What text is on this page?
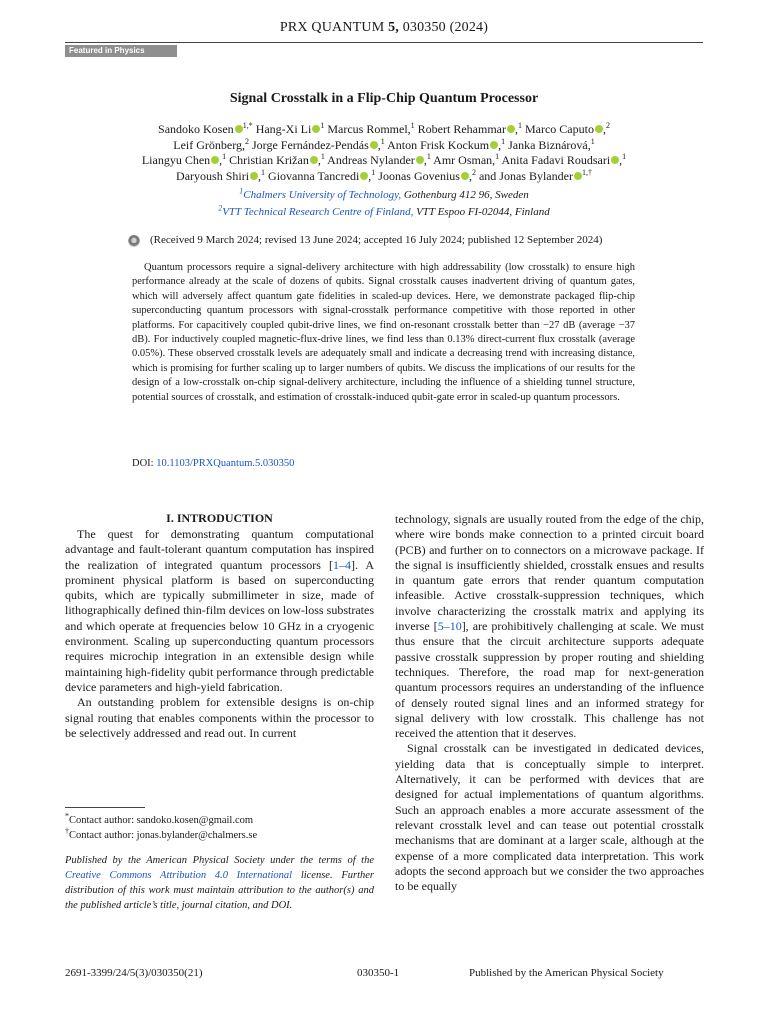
PRX QUANTUM 5, 030350 (2024)
Featured in Physics
Signal Crosstalk in a Flip-Chip Quantum Processor
Sandoko Kosen $^{1,*}$ Hang-Xi Li $^1$ Marcus Rommel,$^1$ Robert Rehammar ,$^1$ Marco Caputo ,$^2$
Leif Grönberg,$^2$ Jorge Fernández-Pendás ,$^1$ Anton Frisk Kockum ,$^1$ Janka Biznárová,$^1$
Liangyu Chen ,$^1$ Christian Križan ,$^1$ Andreas Nylander ,$^1$ Amr Osman,$^1$ Anita Fadavi Roudsari ,$^1$
Daryoush Shiri ,$^1$ Giovanna Tancredi ,$^1$ Joonas Govenius ,$^2$ and Jonas Bylander $^{1,\dagger}$
$^1$Chalmers University of Technology, Gothenburg 412 96, Sweden
$^2$VTT Technical Research Centre of Finland, VTT Espoo FI-02044, Finland
(Received 9 March 2024; revised 13 June 2024; accepted 16 July 2024; published 12 September 2024)

Quantum processors require a signal-delivery architecture with high addressability (low crosstalk) to ensure high performance already at the scale of dozens of qubits. Signal crosstalk causes inadvertent driving of quantum gates, which will adversely affect quantum gate fidelities in scaled-up devices. Here, we demonstrate packaged flip-chip superconducting quantum processors with signal-crosstalk performance competitive with those reported in other platforms. For capacitively coupled qubit-drive lines, we find on-resonant crosstalk better than −27 dB (average −37 dB). For inductively coupled magnetic-flux-drive lines, we find less than 0.13% direct-current flux crosstalk (average 0.05%). These observed crosstalk levels are adequately small and indicate a decreasing trend with increasing distance, which is promising for further scaling up to larger numbers of qubits. We discuss the implications of our results for the design of a low-crosstalk on-chip signal-delivery architecture, including the influence of a shielding tunnel structure, potential sources of crosstalk, and estimation of crosstalk-induced qubit-gate error in scaled-up quantum processors.

DOI: 10.1103/PRXQuantum.5.030350
I. INTRODUCTION

The quest for demonstrating quantum computational advantage and fault-tolerant quantum computation has inspired the realization of integrated quantum processors [1–4]. A prominent physical platform is based on superconducting qubits, which are typically submillimeter in size, made of lithographically defined thin-film devices on low-loss substrates and which operate at frequencies below 10 GHz in a cryogenic environment. Scaling up superconducting quantum processors requires microchip integration in an extensible design while maintaining high-fidelity qubit performance through predictable device parameters and high-yield fabrication.

An outstanding problem for extensible designs is on-chip signal routing that enables components within the processor to be selectively addressed and read out. In current

*Contact author: sandoko.kosen@gmail.com
†Contact author: jonas.bylander@chalmers.se
Published by the American Physical Society under the terms of the Creative Commons Attribution 4.0 International license. Further distribution of this work must maintain attribution to the author(s) and the published article’s title, journal citation, and DOI.

technology, signals are usually routed from the edge of the chip, where wire bonds make connection to a printed circuit board (PCB) and further on to connectors on a microwave package. If the signal is insufficiently shielded, crosstalk ensues and results in quantum gate errors that render quantum computation infeasible. Active crosstalk-suppression techniques, which involve characterizing the crosstalk matrix and applying its inverse [5–10], are prohibitively challenging at scale. We must thus ensure that the circuit architecture supports adequate passive crosstalk suppression by proper routing and shielding techniques. Therefore, the road map for next-generation quantum processors requires an understanding of the influence of densely routed signal lines and an informed strategy for signal delivery with low crosstalk. This challenge has not received the attention that it deserves.

Signal crosstalk can be investigated in dedicated devices, yielding data that is conceptually simple to interpret. Alternatively, it can be performed with devices that are designed for actual implementations of quantum algorithms. Such an approach enables a more accurate assessment of the relevant crosstalk level and can tease out potential crosstalk mechanisms that are dominant at a larger scale, although at the expense of a more complicated data interpretation. This work adopts the second approach but we consider the two approaches to be equally

2691-3399/24/5(3)/030350(21)	030350-1	Published by the American Physical Society
